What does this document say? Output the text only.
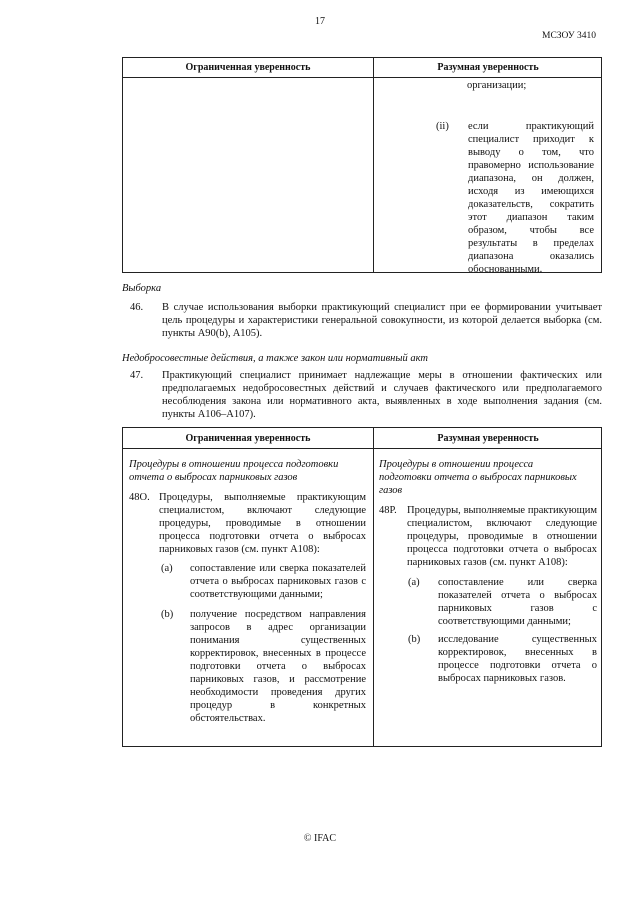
17
МСЗОУ 3410
Ограниченная уверенность	Разумная уверенность
организации;
(ii) если практикующий
специалист приходит к
выводу о том, что
правомерно использование
диапазона, он должен,
исходя из имеющихся
доказательств, сократить
этот диапазон таким
образом, чтобы все
результаты в пределах
диапазона оказались
обоснованными.
Выборка
46. В случае использования выборки практикующий специалист при ее формировании учитывает
цель процедуры и характеристики генеральной совокупности, из которой делается выборка (см.
пункты A90(b), A105).
Недобросовестные действия, а также закон или нормативный акт
47. Практикующий специалист принимает надлежащие меры в отношении фактических или
предполагаемых недобросовестных действий и случаев фактического или предполагаемого
несоблюдения закона или нормативного акта, выявленных в ходе выполнения задания (см.
пункты A106–A107).
Ограниченная уверенность	Разумная уверенность
Процедуры в отношении процесса подготовки
отчета о выбросах парниковых газов
48O. Процедуры, выполняемые практикующим
специалистом, включают следующие
процедуры, проводимые в отношении
процесса подготовки отчета о выбросах
парниковых газов (см. пункт A108):
(a) сопоставление или сверка показателей
отчета о выбросах парниковых газов с
соответствующими данными;
(b) получение посредством направления
запросов в адрес организации
понимания существенных
корректировок, внесенных в процессе
подготовки отчета о выбросах
парниковых газов, и рассмотрение
необходимости проведения других
процедур в конкретных
обстоятельствах.
Процедуры в отношении процесса
подготовки отчета о выбросах парниковых
газов
48P. Процедуры, выполняемые практикующим
специалистом, включают следующие
процедуры, проводимые в отношении
процесса подготовки отчета о выбросах
парниковых газов (см. пункт A108):
(a) сопоставление или сверка
показателей отчета о выбросах
парниковых газов с
соответствующими данными;
(b) исследование существенных
корректировок, внесенных в
процессе подготовки отчета о
выбросах парниковых газов.
© IFAC
